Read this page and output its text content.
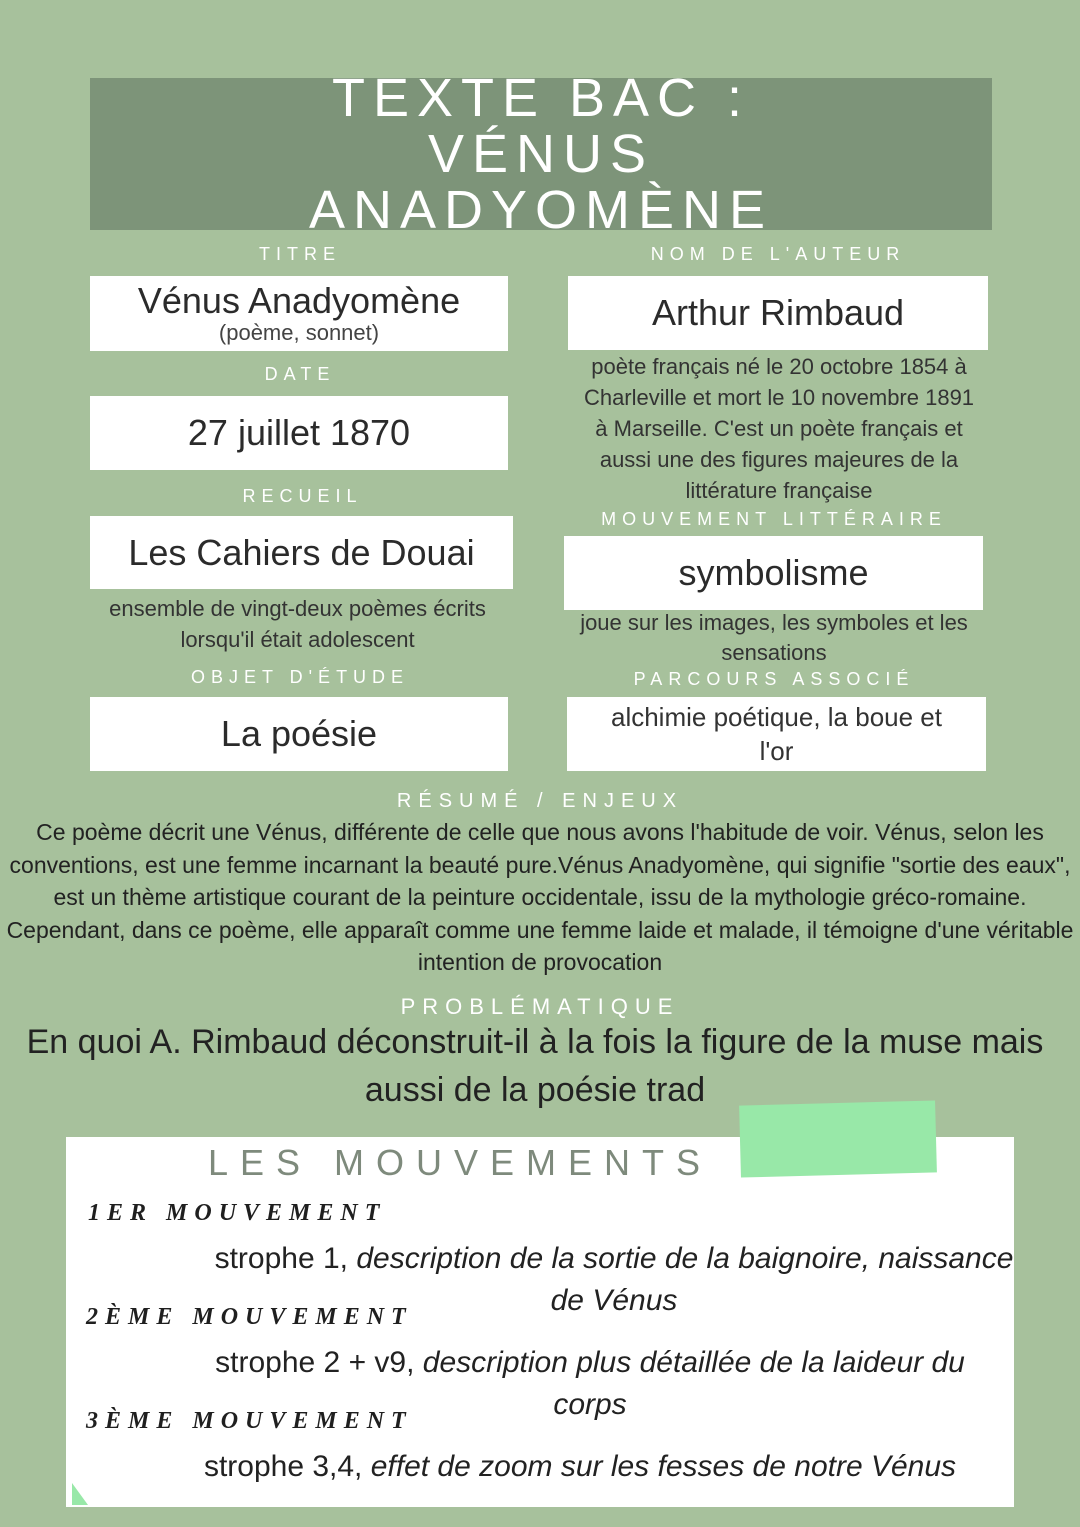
TEXTE BAC : VÉNUS ANADYOMÈNE
TITRE
Vénus Anadyomène
(poème, sonnet)
DATE
27 juillet 1870
RECUEIL
Les Cahiers de Douai
ensemble de vingt-deux poèmes écrits lorsqu'il était adolescent
OBJET D'ÉTUDE
La poésie
NOM DE L'AUTEUR
Arthur Rimbaud
poète français né le 20 octobre 1854 à Charleville et mort le 10 novembre 1891 à Marseille. C'est un poète français et aussi une des figures majeures de la littérature française
MOUVEMENT LITTÉRAIRE
symbolisme
joue sur les images, les symboles et les sensations
PARCOURS ASSOCIÉ
alchimie poétique, la boue et l'or
RÉSUMÉ / ENJEUX
Ce poème décrit une Vénus, différente de celle que nous avons l'habitude de voir. Vénus, selon les conventions, est une femme incarnant la beauté pure.Vénus Anadyomène, qui signifie "sortie des eaux", est un thème artistique courant de la peinture occidentale, issu de la mythologie gréco-romaine. Cependant, dans ce poème, elle apparaît comme une femme laide et malade, il témoigne d'une véritable intention de provocation
PROBLÉMATIQUE
En quoi A. Rimbaud déconstruit-il à la fois la figure de la muse mais aussi de la poésie trad
LES MOUVEMENTS
1ER MOUVEMENT
strophe 1, description de la sortie de la baignoire, naissance de Vénus
2ÈME MOUVEMENT
strophe 2 + v9, description plus détaillée de la laideur du corps
3ÈME MOUVEMENT
strophe 3,4, effet de zoom sur les fesses de notre Vénus
